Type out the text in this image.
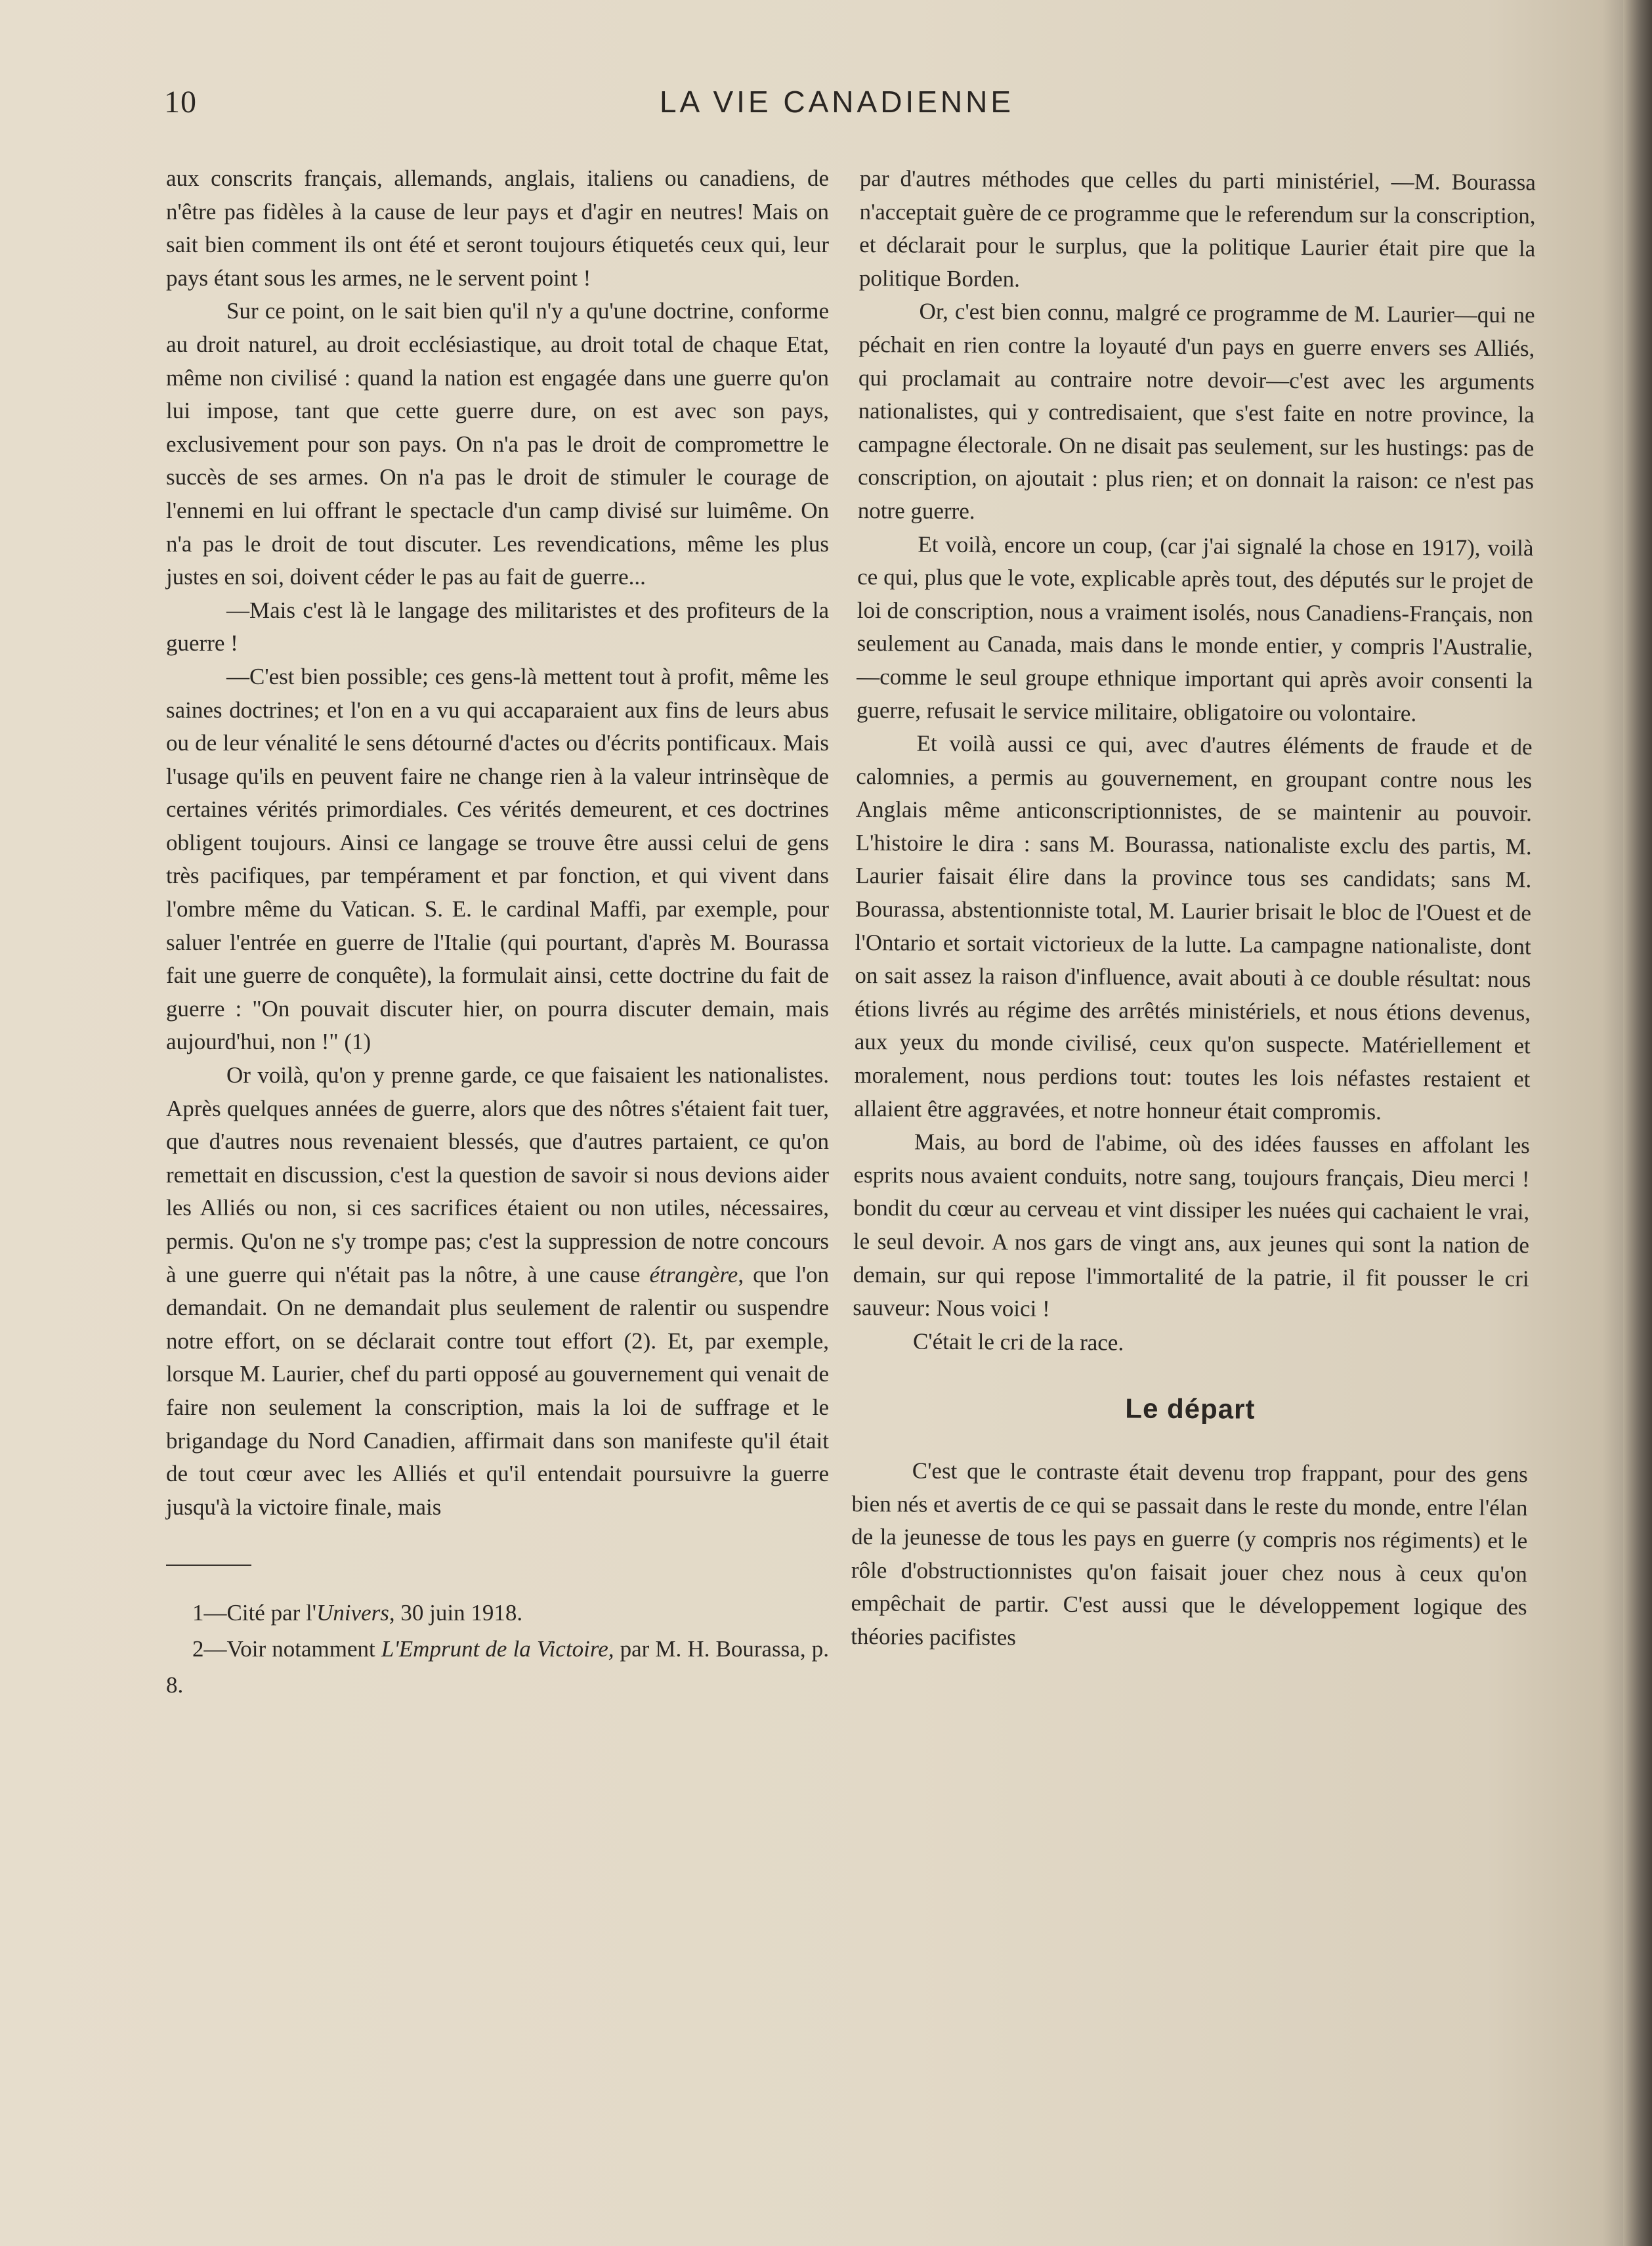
10	LA VIE CANADIENNE

aux conscrits français, allemands, anglais, italiens ou canadiens, de n'être pas fidèles à la cause de leur pays et d'agir en neutres! Mais on sait bien comment ils ont été et seront toujours étiquetés ceux qui, leur pays étant sous les armes, ne le servent point !

Sur ce point, on le sait bien qu'il n'y a qu'une doctrine, conforme au droit naturel, au droit ecclésiastique, au droit total de chaque Etat, même non civilisé : quand la nation est engagée dans une guerre qu'on lui impose, tant que cette guerre dure, on est avec son pays, exclusivement pour son pays. On n'a pas le droit de compromettre le succès de ses armes. On n'a pas le droit de stimuler le courage de l'ennemi en lui offrant le spectacle d'un camp divisé sur luimême. On n'a pas le droit de tout discuter. Les revendications, même les plus justes en soi, doivent céder le pas au fait de guerre...

—Mais c'est là le langage des militaristes et des profiteurs de la guerre !

—C'est bien possible; ces gens-là mettent tout à profit, même les saines doctrines; et l'on en a vu qui accaparaient aux fins de leurs abus ou de leur vénalité le sens détourné d'actes ou d'écrits pontificaux. Mais l'usage qu'ils en peuvent faire ne change rien à la valeur intrinsèque de certaines vérités primordiales. Ces vérités demeurent, et ces doctrines obligent toujours. Ainsi ce langage se trouve être aussi celui de gens très pacifiques, par tempérament et par fonction, et qui vivent dans l'ombre même du Vatican. S. E. le cardinal Maffi, par exemple, pour saluer l'entrée en guerre de l'Italie (qui pourtant, d'après M. Bourassa fait une guerre de conquête), la formulait ainsi, cette doctrine du fait de guerre : "On pouvait discuter hier, on pourra discuter demain, mais aujourd'hui, non !" (1)

Or voilà, qu'on y prenne garde, ce que faisaient les nationalistes. Après quelques années de guerre, alors que des nôtres s'étaient fait tuer, que d'autres nous revenaient blessés, que d'autres partaient, ce qu'on remettait en discussion, c'est la question de savoir si nous devions aider les Alliés ou non, si ces sacrifices étaient ou non utiles, nécessaires, permis. Qu'on ne s'y trompe pas; c'est la suppression de notre concours à une guerre qui n'était pas la nôtre, à une cause étrangère, que l'on demandait. On ne demandait plus seulement de ralentir ou suspendre notre effort, on se déclarait contre tout effort (2). Et, par exemple, lorsque M. Laurier, chef du parti opposé au gouvernement qui venait de faire non seulement la conscription, mais la loi de suffrage et le brigandage du Nord Canadien, affirmait dans son manifeste qu'il était de tout cœur avec les Alliés et qu'il entendait poursuivre la guerre jusqu'à la victoire finale, mais

1—Cité par l'Univers, 30 juin 1918.

2—Voir notamment L'Emprunt de la Victoire, par M. H. Bourassa, p. 8.

par d'autres méthodes que celles du parti ministériel, —M. Bourassa n'acceptait guère de ce programme que le referendum sur la conscription, et déclarait pour le surplus, que la politique Laurier était pire que la politique Borden.

Or, c'est bien connu, malgré ce programme de M. Laurier—qui ne péchait en rien contre la loyauté d'un pays en guerre envers ses Alliés, qui proclamait au contraire notre devoir—c'est avec les arguments nationalistes, qui y contredisaient, que s'est faite en notre province, la campagne électorale. On ne disait pas seulement, sur les hustings: pas de conscription, on ajoutait : plus rien; et on donnait la raison: ce n'est pas notre guerre.

Et voilà, encore un coup, (car j'ai signalé la chose en 1917), voilà ce qui, plus que le vote, explicable après tout, des députés sur le projet de loi de conscription, nous a vraiment isolés, nous Canadiens-Français, non seulement au Canada, mais dans le monde entier, y compris l'Australie,—comme le seul groupe ethnique important qui après avoir consenti la guerre, refusait le service militaire, obligatoire ou volontaire.

Et voilà aussi ce qui, avec d'autres éléments de fraude et de calomnies, a permis au gouvernement, en groupant contre nous les Anglais même anticonscriptionnistes, de se maintenir au pouvoir. L'histoire le dira : sans M. Bourassa, nationaliste exclu des partis, M. Laurier faisait élire dans la province tous ses candidats; sans M. Bourassa, abstentionniste total, M. Laurier brisait le bloc de l'Ouest et de l'Ontario et sortait victorieux de la lutte. La campagne nationaliste, dont on sait assez la raison d'influence, avait abouti à ce double résultat: nous étions livrés au régime des arrêtés ministériels, et nous étions devenus, aux yeux du monde civilisé, ceux qu'on suspecte. Matériellement et moralement, nous perdions tout: toutes les lois néfastes restaient et allaient être aggravées, et notre honneur était compromis.

Mais, au bord de l'abime, où des idées fausses en affolant les esprits nous avaient conduits, notre sang, toujours français, Dieu merci ! bondit du cœur au cerveau et vint dissiper les nuées qui cachaient le vrai, le seul devoir. A nos gars de vingt ans, aux jeunes qui sont la nation de demain, sur qui repose l'immortalité de la patrie, il fit pousser le cri sauveur: Nous voici !

C'était le cri de la race.

Le départ

C'est que le contraste était devenu trop frappant, pour des gens bien nés et avertis de ce qui se passait dans le reste du monde, entre l'élan de la jeunesse de tous les pays en guerre (y compris nos régiments) et le rôle d'obstructionnistes qu'on faisait jouer chez nous à ceux qu'on empêchait de partir. C'est aussi que le développement logique des théories pacifistes
